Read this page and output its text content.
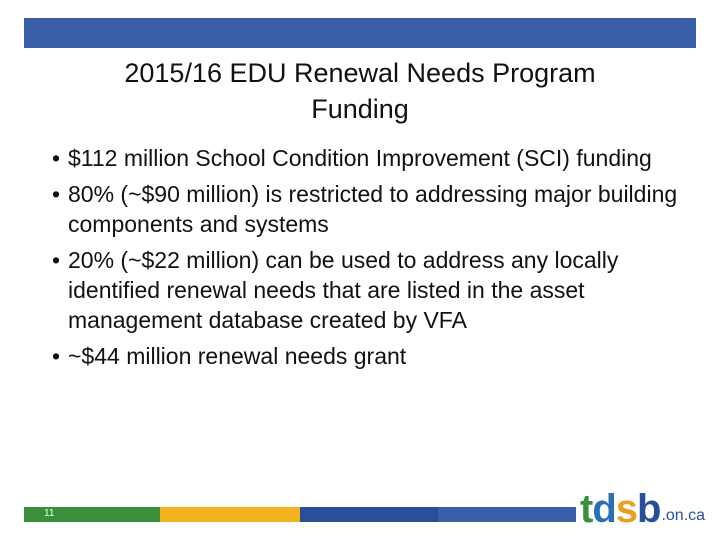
2015/16 EDU Renewal Needs Program
Funding
• $112 million School Condition Improvement (SCI) funding
• 80% (~$90 million) is restricted to addressing major building components and systems
• 20% (~$22 million) can be used to address any locally identified renewal needs that are listed in the asset management database created by VFA
• ~$44 million renewal needs grant
11	tdsb .on.ca
